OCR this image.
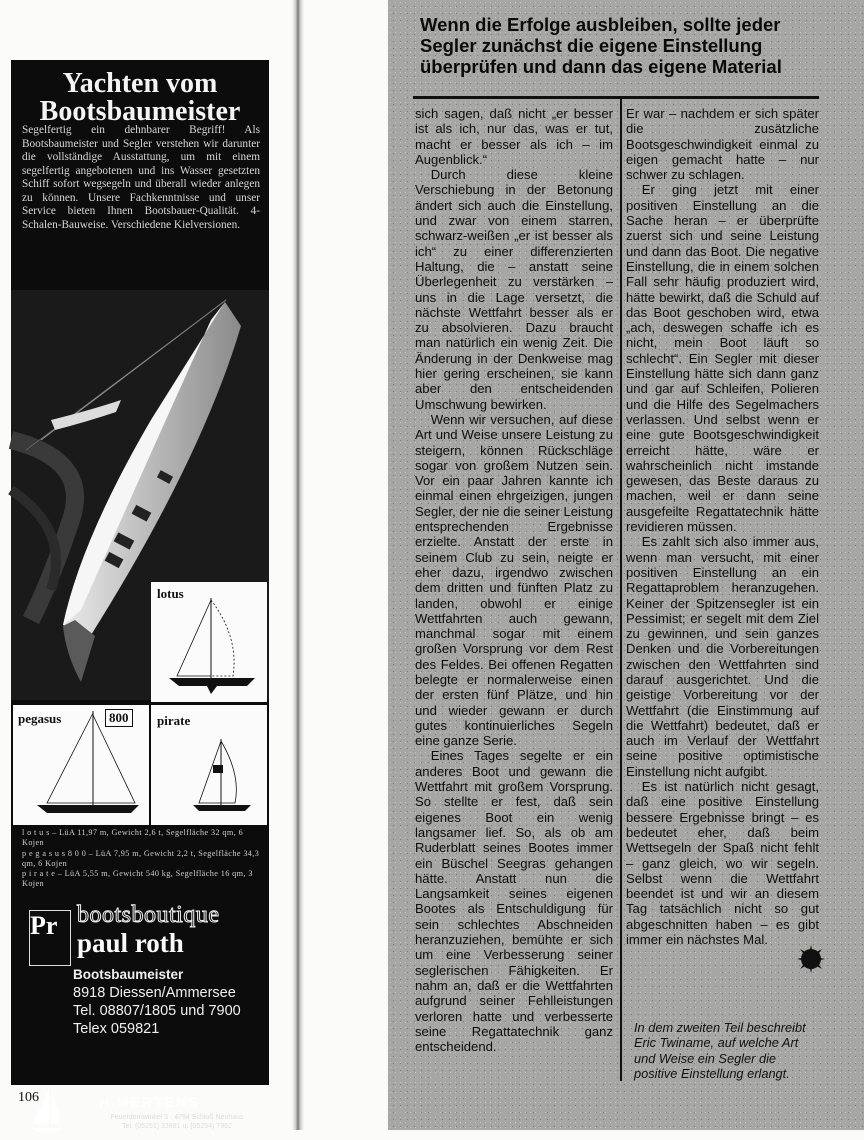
Yachten vom
Bootsbaumeister
Segelfertig ein dehnbarer Begriff! Als Bootsbaumeister und Segler verstehen wir darunter die vollständige Ausstattung, um mit einem segelfertig angebotenen und ins Wasser gesetzten Schiff sofort wegsegeln und überall wieder anlegen zu können. Unsere Fachkenntnisse und unser Service bieten Ihnen Bootsbauer-Qualität. 4-Schalen-Bauweise. Verschiedene Kielversionen.
lotus
pegasus	800	pirate
l o t u s – LüA 11,97 m, Gewicht 2,6 t, Segelfläche 32 qm, 6 Kojen
p e g a s u s 8 0 0 – LüA 7,95 m, Gewicht 2,2 t, Segelfläche 34,3 qm, 6 Kojen
p i r a t e – LüA 5,55 m, Gewicht 540 kg, Segelfläche 16 qm, 3 Kojen
Pr bootsboutique
paul roth
Bootsbaumeister
8918 Diessen/Ammersee
Tel. 08807/1805 und 7900
Telex 059821
H.MERTENS
Feuerdornwinkel 3 · 4794 Schloß Neuhaus
Tel. (05251) 33881 u. (05254) 7962
106
Wenn die Erfolge ausbleiben, sollte jeder Segler zunächst die eigene Einstellung überprüfen und dann das eigene Material

sich sagen, daß nicht „er besser ist als ich, nur das, was er tut, macht er besser als ich – im Augenblick.“

Durch diese kleine Verschiebung in der Betonung ändert sich auch die Einstellung, und zwar von einem starren, schwarz-weißen „er ist besser als ich“ zu einer differenzierten Haltung, die – anstatt seine Überlegenheit zu verstärken – uns in die Lage versetzt, die nächste Wettfahrt besser als er zu absolvieren. Dazu braucht man natürlich ein wenig Zeit. Die Änderung in der Denkweise mag hier gering erscheinen, sie kann aber den entscheidenden Umschwung bewirken.

Wenn wir versuchen, auf diese Art und Weise unsere Leistung zu steigern, können Rückschläge sogar von großem Nutzen sein. Vor ein paar Jahren kannte ich einmal einen ehrgeizigen, jungen Segler, der nie die seiner Leistung entsprechenden Ergebnisse erzielte. Anstatt der erste in seinem Club zu sein, neigte er eher dazu, irgendwo zwischen dem dritten und fünften Platz zu landen, obwohl er einige Wettfahrten auch gewann, manchmal sogar mit einem großen Vorsprung vor dem Rest des Feldes. Bei offenen Regatten belegte er normalerweise einen der ersten fünf Plätze, und hin und wieder gewann er durch gutes kontinuierliches Segeln eine ganze Serie.

Eines Tages segelte er ein anderes Boot und gewann die Wettfahrt mit großem Vorsprung. So stellte er fest, daß sein eigenes Boot ein wenig langsamer lief. So, als ob am Ruderblatt seines Bootes immer ein Büschel Seegras gehangen hätte. Anstatt nun die Langsamkeit seines eigenen Bootes als Entschuldigung für sein schlechtes Abschneiden heranzuziehen, bemühte er sich um eine Verbesserung seiner seglerischen Fähigkeiten. Er nahm an, daß er die Wettfahrten aufgrund seiner Fehlleistungen verloren hatte und verbesserte seine Regattatechnik ganz entscheidend.

Er war – nachdem er sich später die zusätzliche Bootsgeschwindigkeit einmal zu eigen gemacht hatte – nur schwer zu schlagen.

Er ging jetzt mit einer positiven Einstellung an die Sache heran – er überprüfte zuerst sich und seine Leistung und dann das Boot. Die negative Einstellung, die in einem solchen Fall sehr häufig produziert wird, hätte bewirkt, daß die Schuld auf das Boot geschoben wird, etwa „ach, deswegen schaffe ich es nicht, mein Boot läuft so schlecht“. Ein Segler mit dieser Einstellung hätte sich dann ganz und gar auf Schleifen, Polieren und die Hilfe des Segelmachers verlassen. Und selbst wenn er eine gute Bootsgeschwindigkeit erreicht hätte, wäre er wahrscheinlich nicht imstande gewesen, das Beste daraus zu machen, weil er dann seine ausgefeilte Regattatechnik hätte revidieren müssen.

Es zahlt sich also immer aus, wenn man versucht, mit einer positiven Einstellung an ein Regattaproblem heranzugehen. Keiner der Spitzensegler ist ein Pessimist; er segelt mit dem Ziel zu gewinnen, und sein ganzes Denken und die Vorbereitungen zwischen den Wettfahrten sind darauf ausgerichtet. Und die geistige Vorbereitung vor der Wettfahrt (die Einstimmung auf die Wettfahrt) bedeutet, daß er auch im Verlauf der Wettfahrt seine positive optimistische Einstellung nicht aufgibt.

Es ist natürlich nicht gesagt, daß eine positive Einstellung bessere Ergebnisse bringt – es bedeutet eher, daß beim Wettsegeln der Spaß nicht fehlt – ganz gleich, wo wir segeln. Selbst wenn die Wettfahrt beendet ist und wir an diesem Tag tatsächlich nicht so gut abgeschnitten haben – es gibt immer ein nächstes Mal.

In dem zweiten Teil beschreibt Eric Twiname, auf welche Art und Weise ein Segler die positive Einstellung erlangt.
